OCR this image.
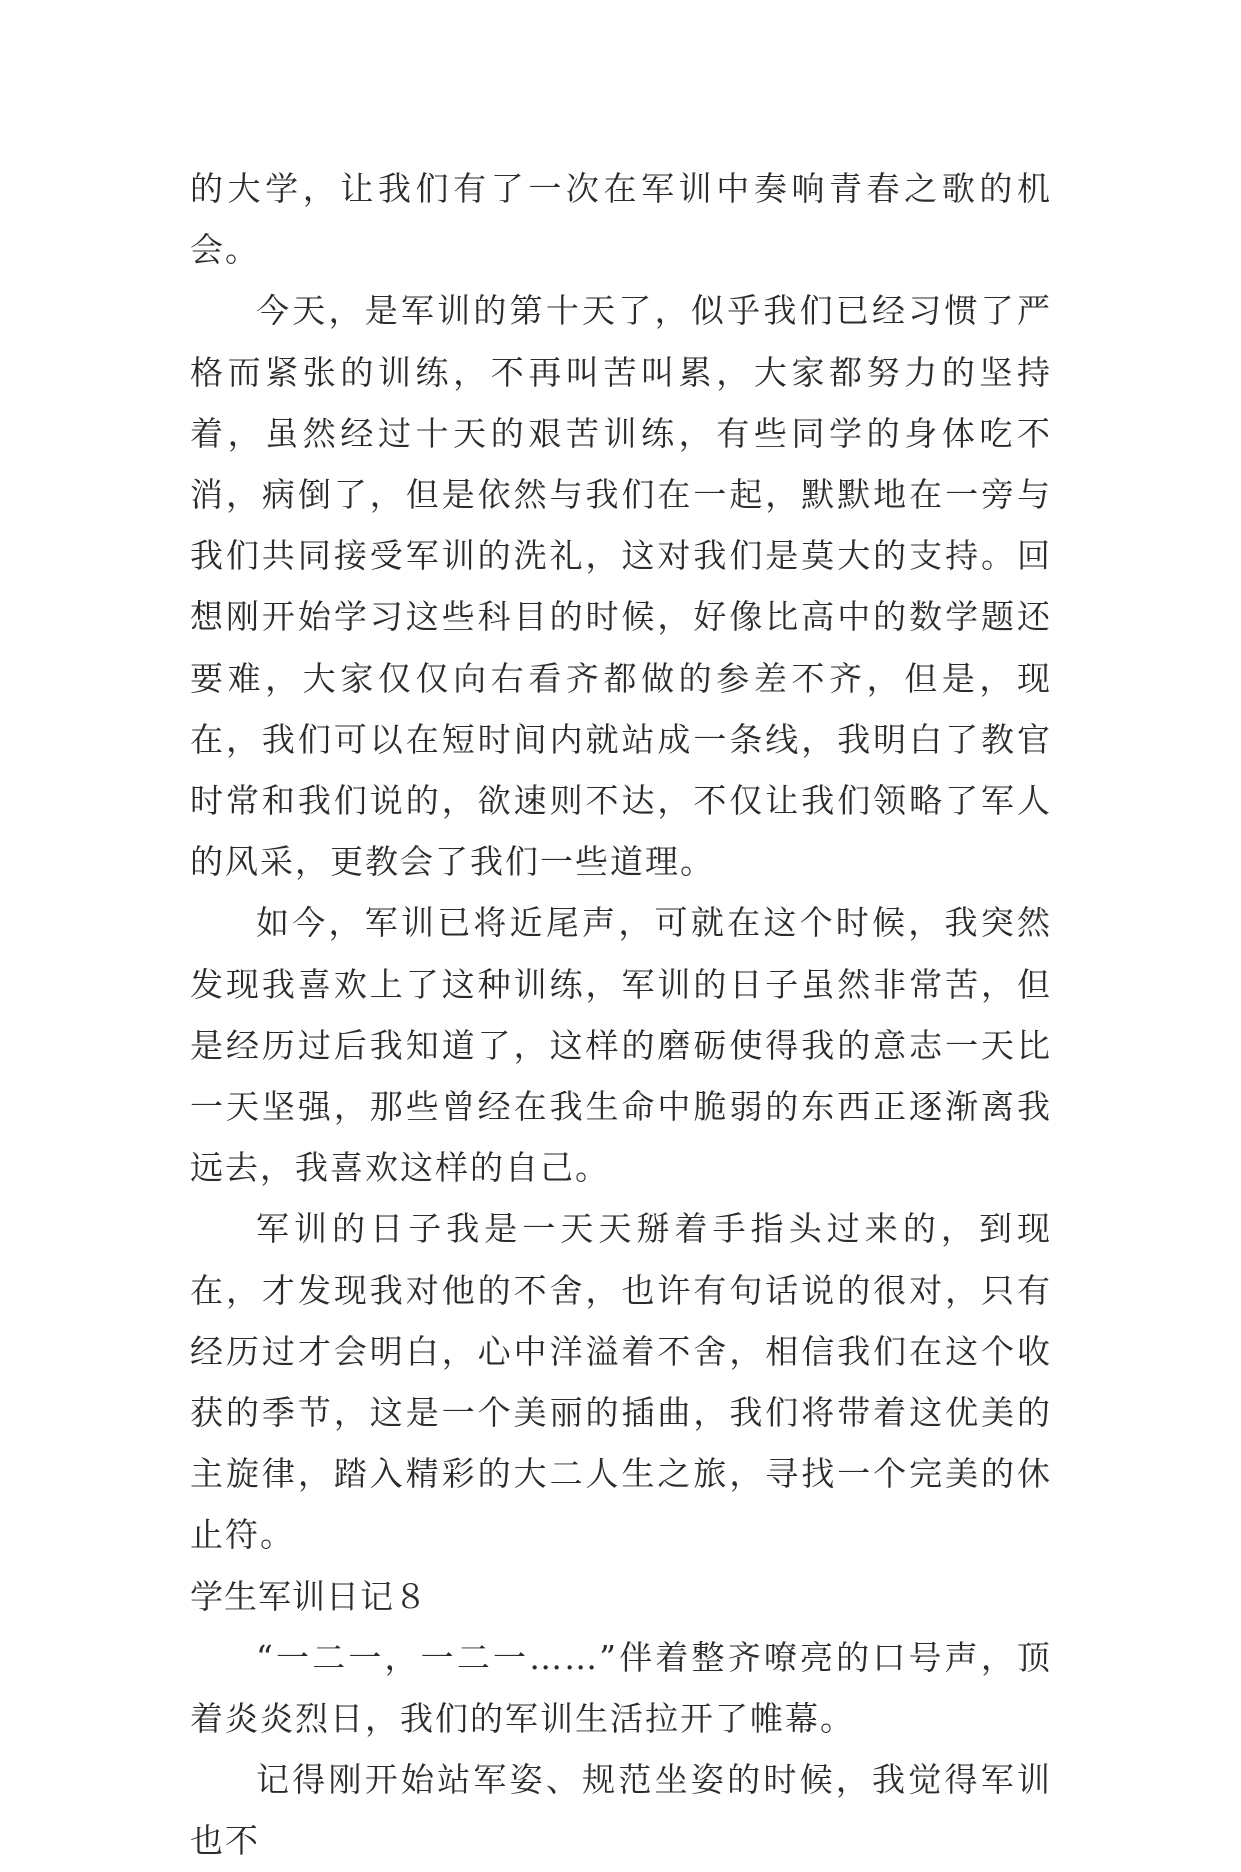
的大学，让我们有了一次在军训中奏响青春之歌的机会。

今天，是军训的第十天了，似乎我们已经习惯了严格而紧张的训练，不再叫苦叫累，大家都努力的坚持着，虽然经过十天的艰苦训练，有些同学的身体吃不消，病倒了，但是依然与我们在一起，默默地在一旁与我们共同接受军训的洗礼，这对我们是莫大的支持。回想刚开始学习这些科目的时候，好像比高中的数学题还要难，大家仅仅向右看齐都做的参差不齐，但是，现在，我们可以在短时间内就站成一条线，我明白了教官时常和我们说的，欲速则不达，不仅让我们领略了军人的风采，更教会了我们一些道理。

如今，军训已将近尾声，可就在这个时候，我突然发现我喜欢上了这种训练，军训的日子虽然非常苦，但是经历过后我知道了，这样的磨砺使得我的意志一天比一天坚强，那些曾经在我生命中脆弱的东西正逐渐离我远去，我喜欢这样的自己。

军训的日子我是一天天掰着手指头过来的，到现在，才发现我对他的不舍，也许有句话说的很对，只有经历过才会明白，心中洋溢着不舍，相信我们在这个收获的季节，这是一个美丽的插曲，我们将带着这优美的主旋律，踏入精彩的大二人生之旅，寻找一个完美的休止符。

学生军训日记８

“一二一，一二一……”伴着整齐嘹亮的口号声，顶着炎炎烈日，我们的军训生活拉开了帷幕。

记得刚开始站军姿、规范坐姿的时候，我觉得军训也不
